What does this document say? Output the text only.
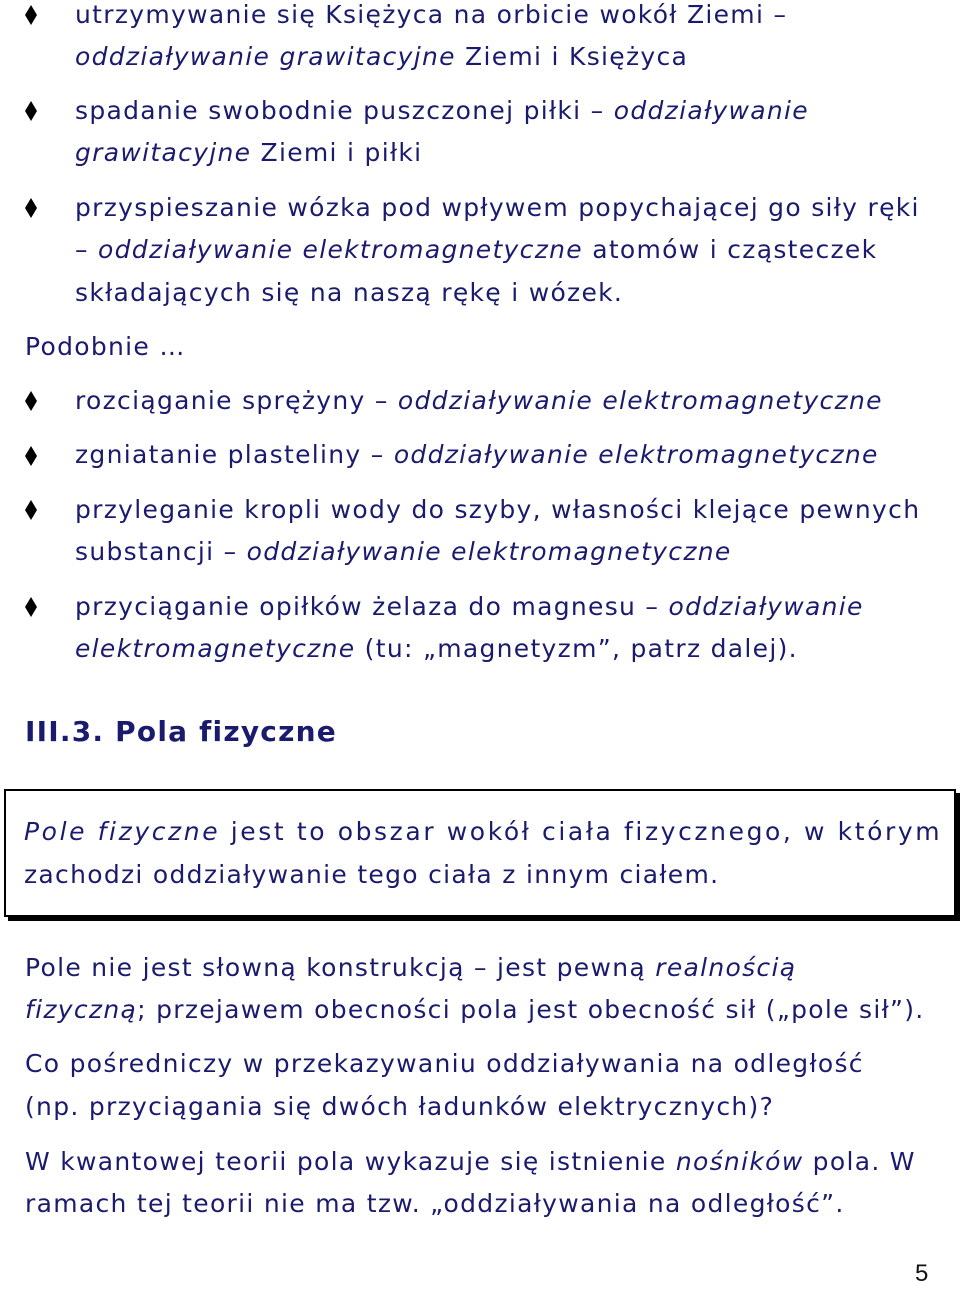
utrzymywanie się Księżyca na orbicie wokół Ziemi –
oddziaływanie grawitacyjne Ziemi i Księżyca
spadanie swobodnie puszczonej piłki – oddziaływanie
grawitacyjne Ziemi i piłki
przyspieszanie wózka pod wpływem popychającej go siły ręki
– oddziaływanie elektromagnetyczne atomów i cząsteczek
składających się na naszą rękę i wózek.
Podobnie …
rozciąganie sprężyny – oddziaływanie elektromagnetyczne
zgniatanie plasteliny – oddziaływanie elektromagnetyczne
przyleganie kropli wody do szyby, własności klejące pewnych
substancji – oddziaływanie elektromagnetyczne
przyciąganie opiłków żelaza do magnesu – oddziaływanie
elektromagnetyczne (tu: „magnetyzm”, patrz dalej).
III.3. Pola fizyczne
Pole fizyczne jest to obszar wokół ciała fizycznego, w którym
zachodzi oddziaływanie tego ciała z innym ciałem.
Pole nie jest słowną konstrukcją – jest pewną realnością
fizyczną; przejawem obecności pola jest obecność sił („pole sił”).
Co pośredniczy w przekazywaniu oddziaływania na odległość
(np. przyciągania się dwóch ładunków elektrycznych)?
W kwantowej teorii pola wykazuje się istnienie nośników pola. W
ramach tej teorii nie ma tzw. „oddziaływania na odległość”.
5
